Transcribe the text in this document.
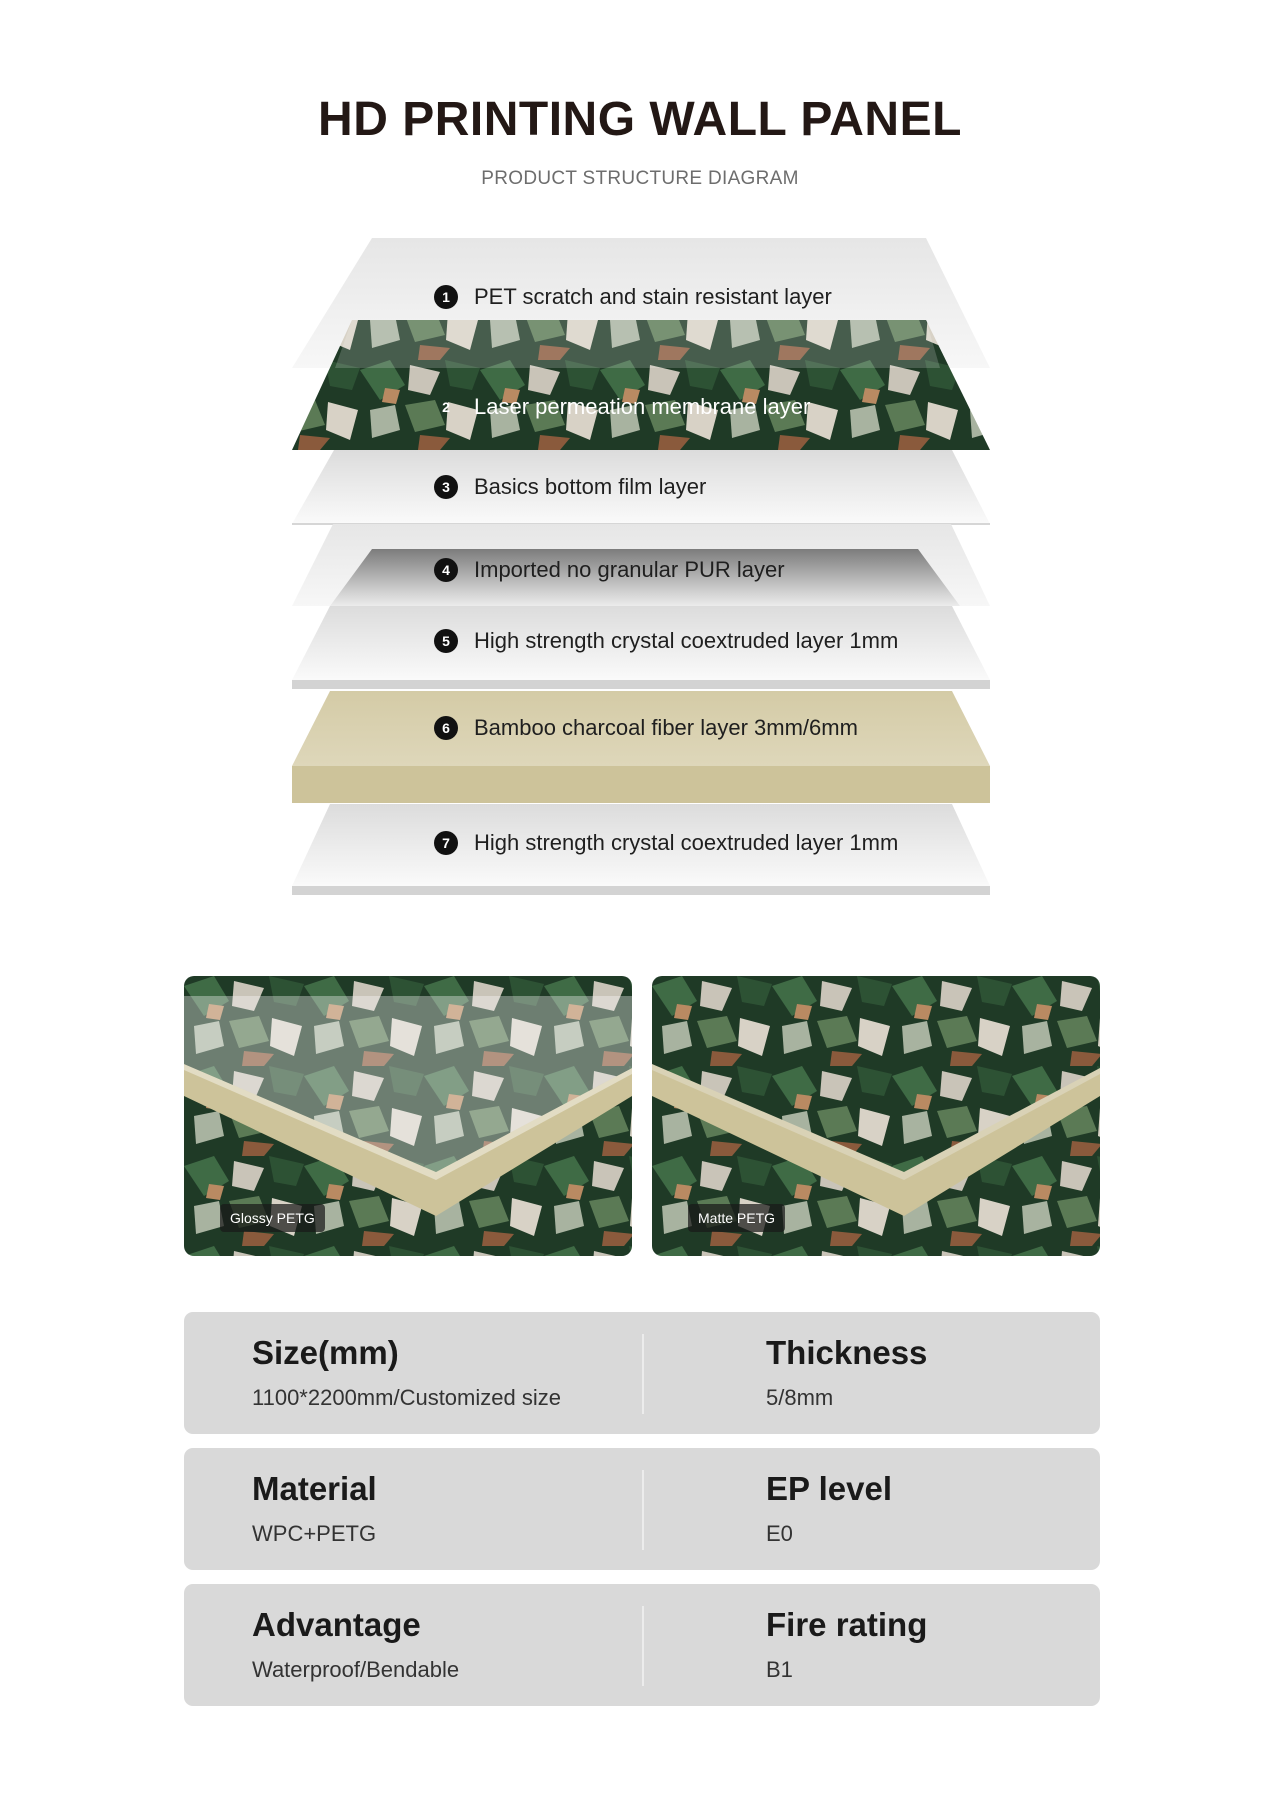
HD PRINTING WALL PANEL
PRODUCT STRUCTURE DIAGRAM
1	PET scratch and stain resistant layer
2	Laser permeation membrane layer
3	Basics bottom film layer
4	Imported no granular PUR layer
5	High strength crystal coextruded layer 1mm
6	Bamboo charcoal fiber layer 3mm/6mm
7	High strength crystal coextruded layer 1mm
Glossy PETG	Matte PETG
Size(mm)
1100*2200mm/Customized size
Thickness
5/8mm
Material
WPC+PETG
EP level
E0
Advantage
Waterproof/Bendable
Fire rating
B1
